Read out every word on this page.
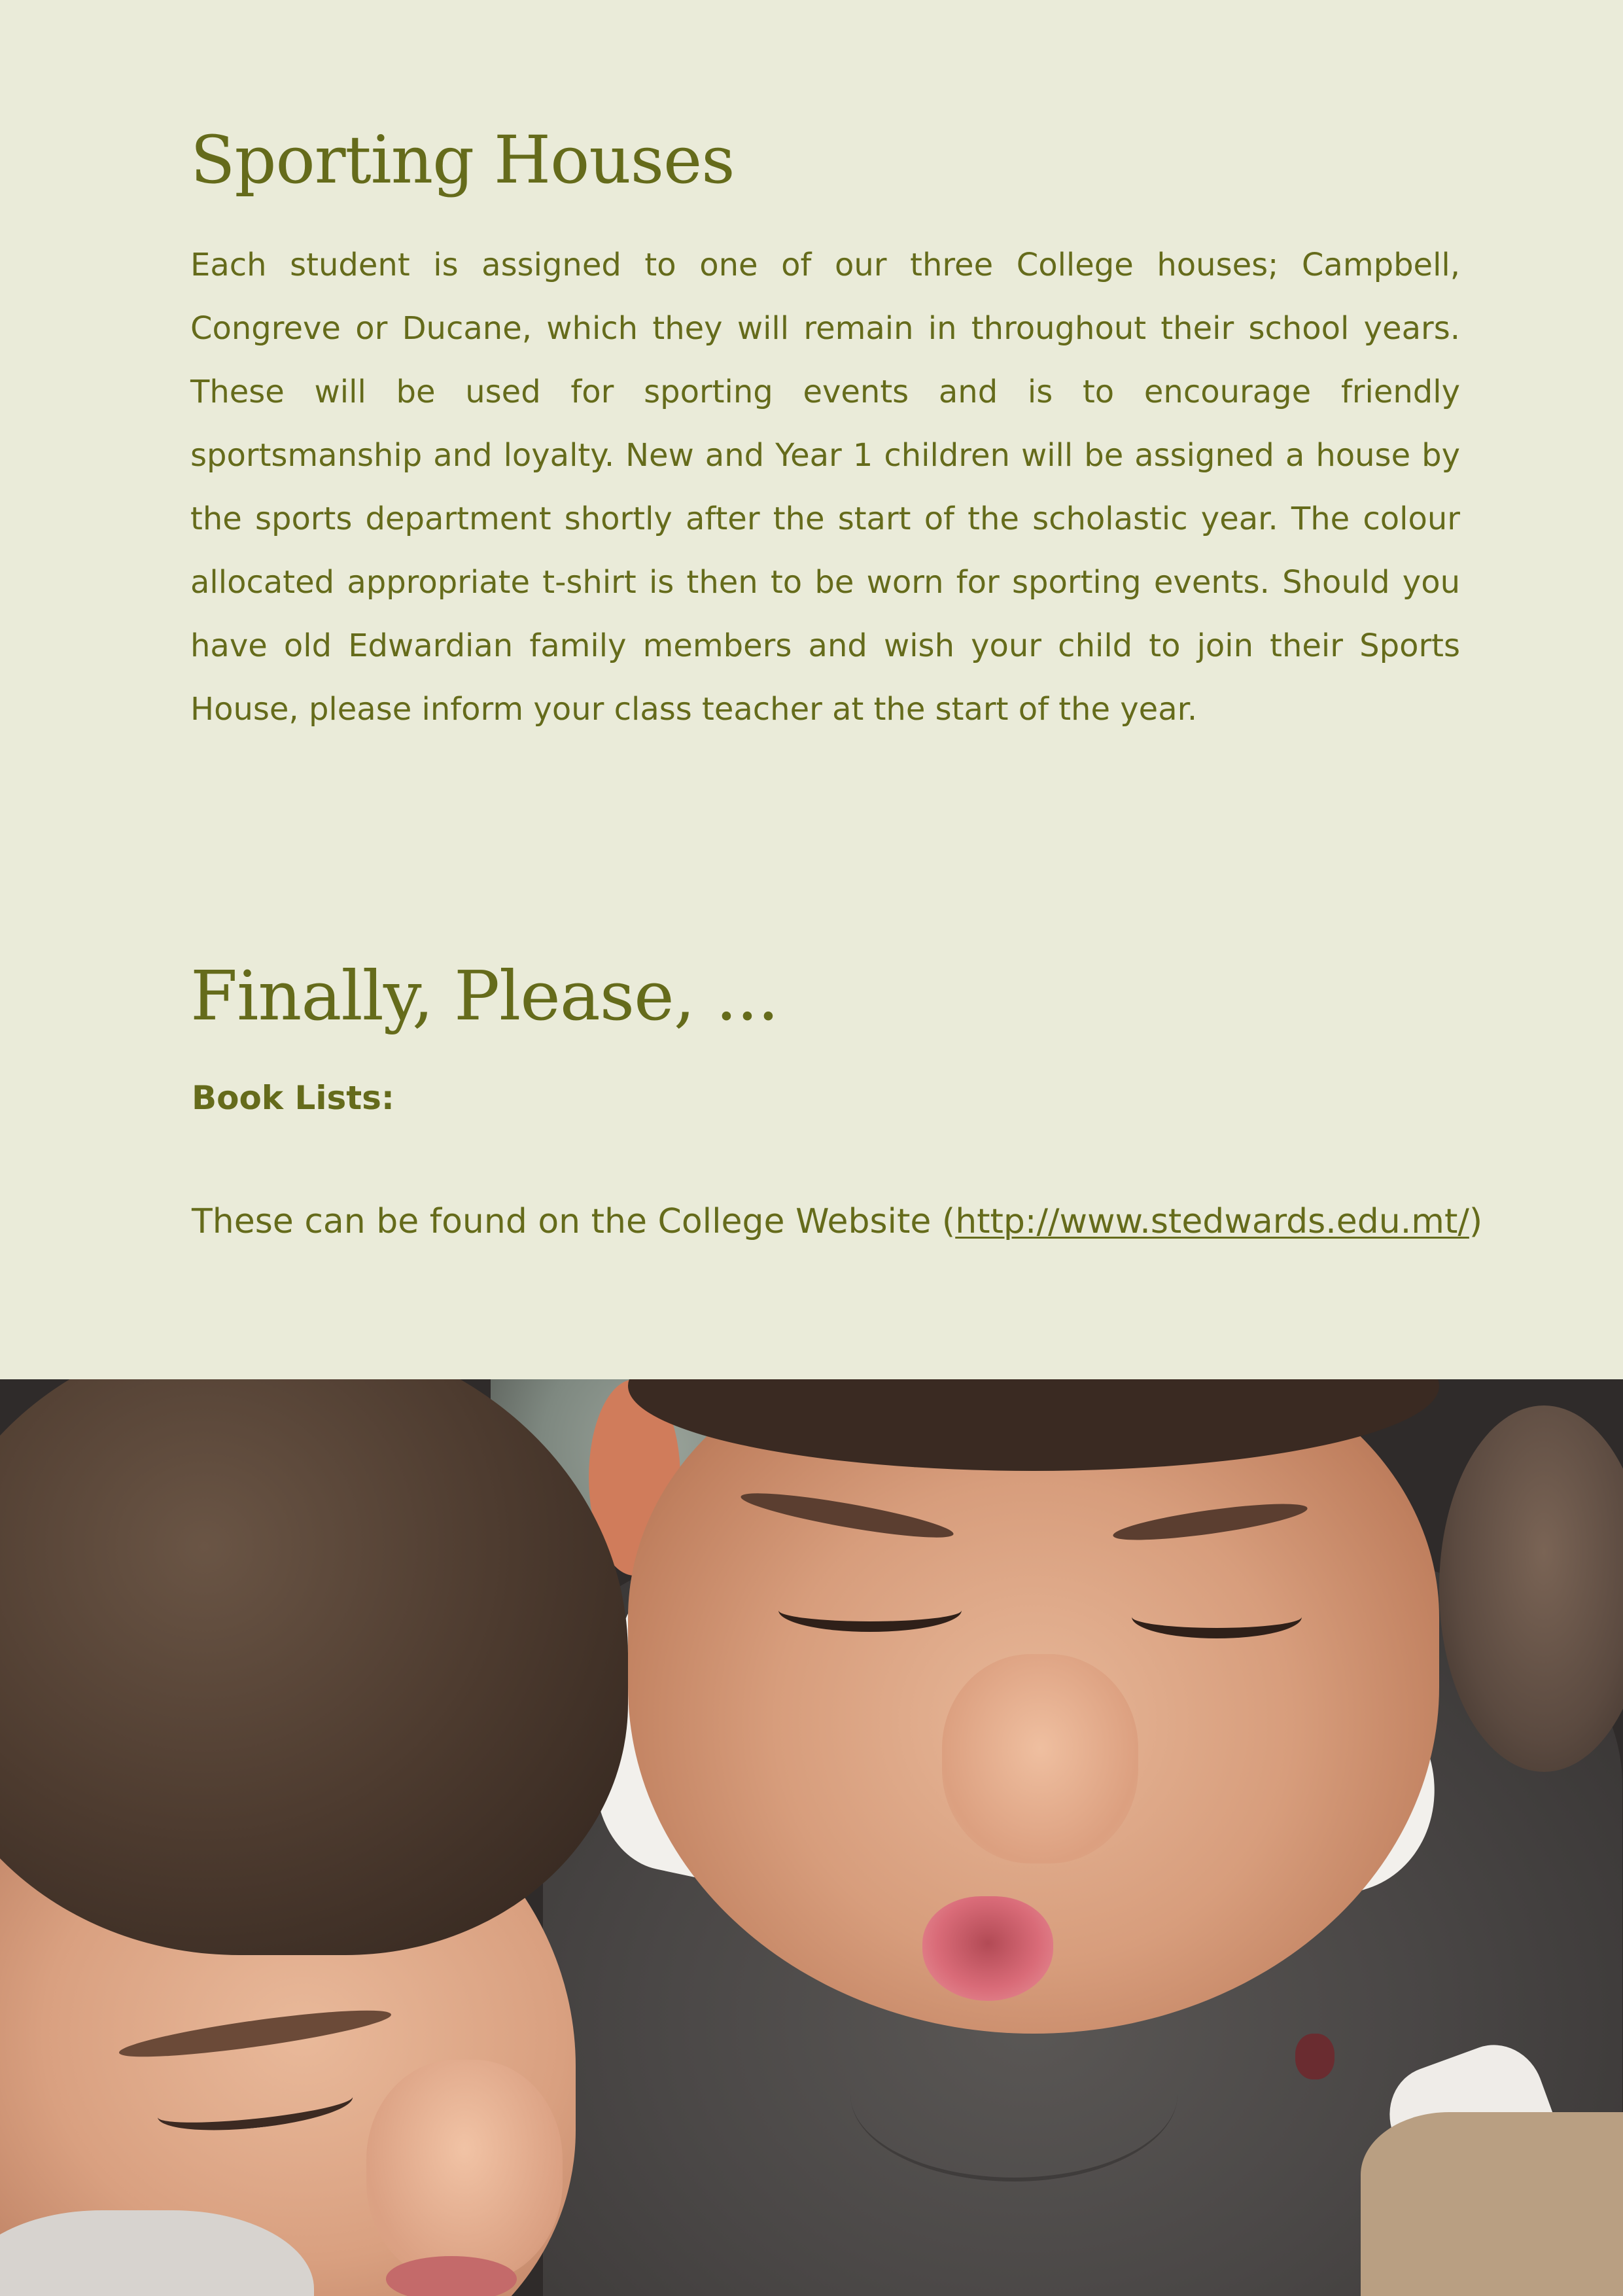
Sporting Houses

Each student is assigned to one of our three College houses; Campbell, Congreve or Ducane, which they will remain in throughout their school years. These will be used for sporting events and is to encourage friendly sportsmanship and loyalty. New and Year 1 children will be assigned a house by the sports department shortly after the start of the scholastic year. The colour allocated appropriate t-shirt is then to be worn for sporting events. Should you have old Edwardian family members and wish your child to join their Sports House, please inform your class teacher at the start of the year.

Finally, Please, ...

Book Lists:

These can be found on the College Website (http://www.stedwards.edu.mt/)
